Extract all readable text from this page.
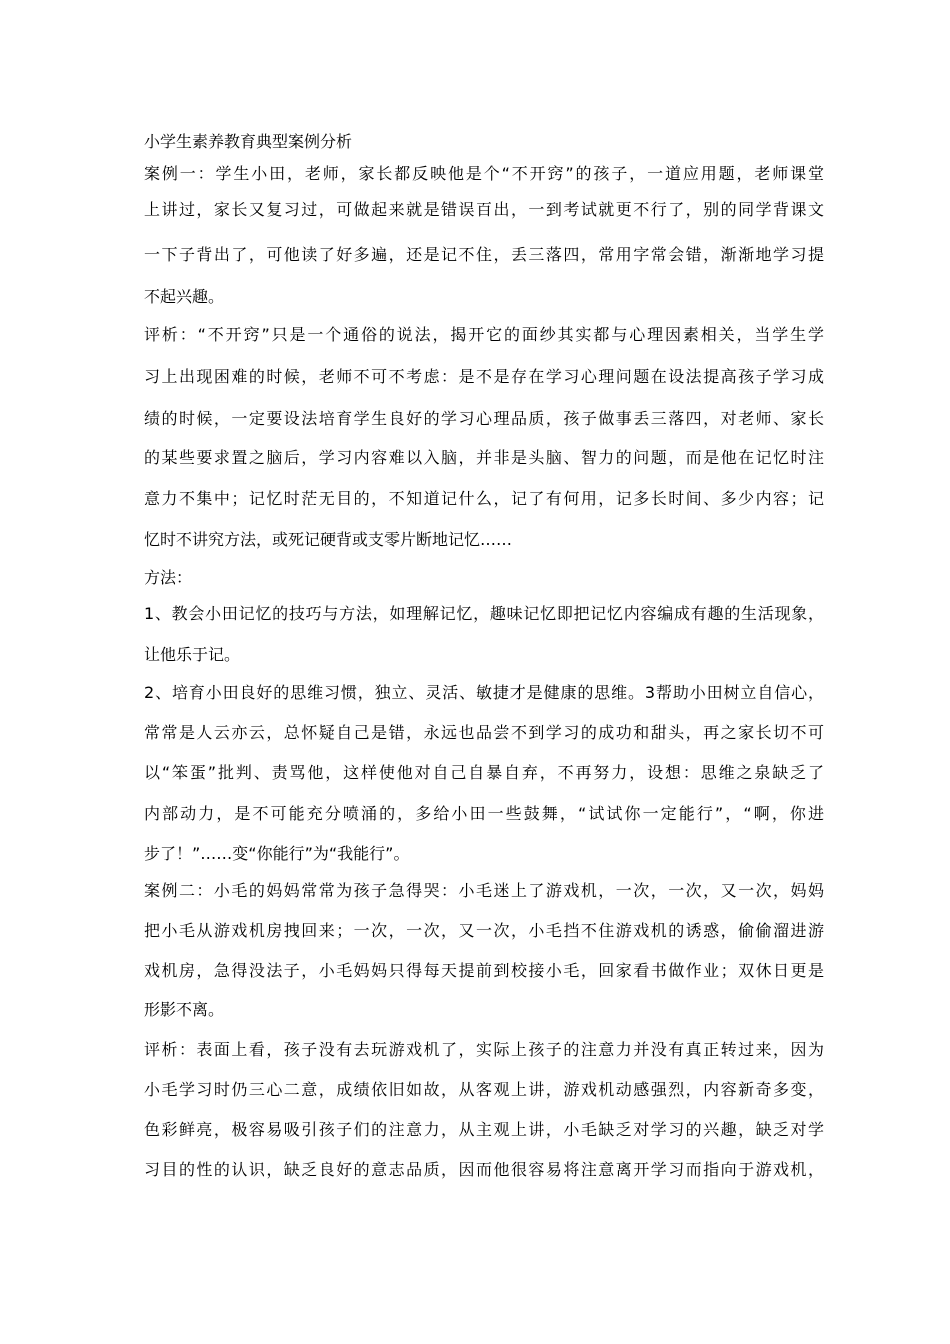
小学生素养教育典型案例分析
案例一：学生小田，老师，家长都反映他是个“不开窍”的孩子，一道应用题，老师课堂
上讲过，家长又复习过，可做起来就是错误百出，一到考试就更不行了，别的同学背课文
一下子背出了，可他读了好多遍，还是记不住，丢三落四，常用字常会错，渐渐地学习提
不起兴趣。
评析：“不开窍”只是一个通俗的说法，揭开它的面纱其实都与心理因素相关，当学生学
习上出现困难的时候，老师不可不考虑：是不是存在学习心理问题在设法提高孩子学习成
绩的时候，一定要设法培育学生良好的学习心理品质，孩子做事丢三落四，对老师、家长
的某些要求置之脑后，学习内容难以入脑，并非是头脑、智力的问题，而是他在记忆时注
意力不集中；记忆时茫无目的，不知道记什么，记了有何用，记多长时间、多少内容；记
忆时不讲究方法，或死记硬背或支零片断地记忆……
方法：
1、教会小田记忆的技巧与方法，如理解记忆，趣味记忆即把记忆内容编成有趣的生活现象，
让他乐于记。
2、培育小田良好的思维习惯，独立、灵活、敏捷才是健康的思维。3帮助小田树立自信心，
常常是人云亦云，总怀疑自己是错，永远也品尝不到学习的成功和甜头，再之家长切不可
以“笨蛋”批判、责骂他，这样使他对自己自暴自弃，不再努力，设想：思维之泉缺乏了
内部动力，是不可能充分喷涌的，多给小田一些鼓舞，“试试你一定能行”，“啊，你进
步了！”……变“你能行”为“我能行”。
案例二：小毛的妈妈常常为孩子急得哭：小毛迷上了游戏机，一次，一次，又一次，妈妈
把小毛从游戏机房拽回来；一次，一次，又一次，小毛挡不住游戏机的诱惑，偷偷溜进游
戏机房，急得没法子，小毛妈妈只得每天提前到校接小毛，回家看书做作业；双休日更是
形影不离。
评析：表面上看，孩子没有去玩游戏机了，实际上孩子的注意力并没有真正转过来，因为
小毛学习时仍三心二意，成绩依旧如故，从客观上讲，游戏机动感强烈，内容新奇多变，
色彩鲜亮，极容易吸引孩子们的注意力，从主观上讲，小毛缺乏对学习的兴趣，缺乏对学
习目的性的认识，缺乏良好的意志品质，因而他很容易将注意离开学习而指向于游戏机，
